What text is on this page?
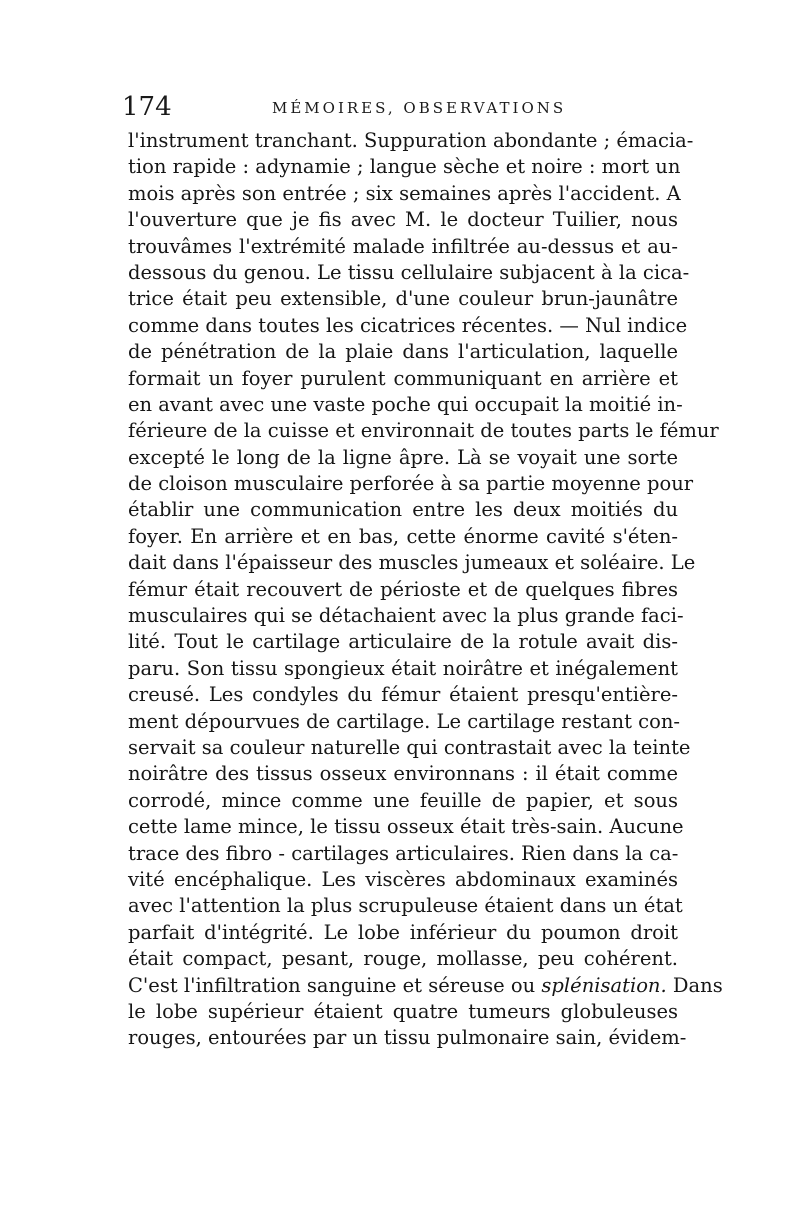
174	MÉMOIRES, OBSERVATIONS
l'instrument tranchant. Suppuration abondante ; émacia-
tion rapide : adynamie ; langue sèche et noire : mort un
mois après son entrée ; six semaines après l'accident. A
l'ouverture que je fis avec M. le docteur Tuilier, nous
trouvâmes l'extrémité malade infiltrée au-dessus et au-
dessous du genou. Le tissu cellulaire subjacent à la cica-
trice était peu extensible, d'une couleur brun-jaunâtre
comme dans toutes les cicatrices récentes. — Nul indice
de pénétration de la plaie dans l'articulation, laquelle
formait un foyer purulent communiquant en arrière et
en avant avec une vaste poche qui occupait la moitié in-
férieure de la cuisse et environnait de toutes parts le fémur
excepté le long de la ligne âpre. Là se voyait une sorte
de cloison musculaire perforée à sa partie moyenne pour
établir une communication entre les deux moitiés du
foyer. En arrière et en bas, cette énorme cavité s'éten-
dait dans l'épaisseur des muscles jumeaux et soléaire. Le
fémur était recouvert de périoste et de quelques fibres
musculaires qui se détachaient avec la plus grande faci-
lité. Tout le cartilage articulaire de la rotule avait dis-
paru. Son tissu spongieux était noirâtre et inégalement
creusé. Les condyles du fémur étaient presqu'entière-
ment dépourvues de cartilage. Le cartilage restant con-
servait sa couleur naturelle qui contrastait avec la teinte
noirâtre des tissus osseux environnans : il était comme
corrodé, mince comme une feuille de papier, et sous
cette lame mince, le tissu osseux était très-sain. Aucune
trace des fibro - cartilages articulaires. Rien dans la ca-
vité encéphalique. Les viscères abdominaux examinés
avec l'attention la plus scrupuleuse étaient dans un état
parfait d'intégrité. Le lobe inférieur du poumon droit
était compact, pesant, rouge, mollasse, peu cohérent.
C'est l'infiltration sanguine et séreuse ou splénisation. Dans
le lobe supérieur étaient quatre tumeurs globuleuses
rouges, entourées par un tissu pulmonaire sain, évidem-
